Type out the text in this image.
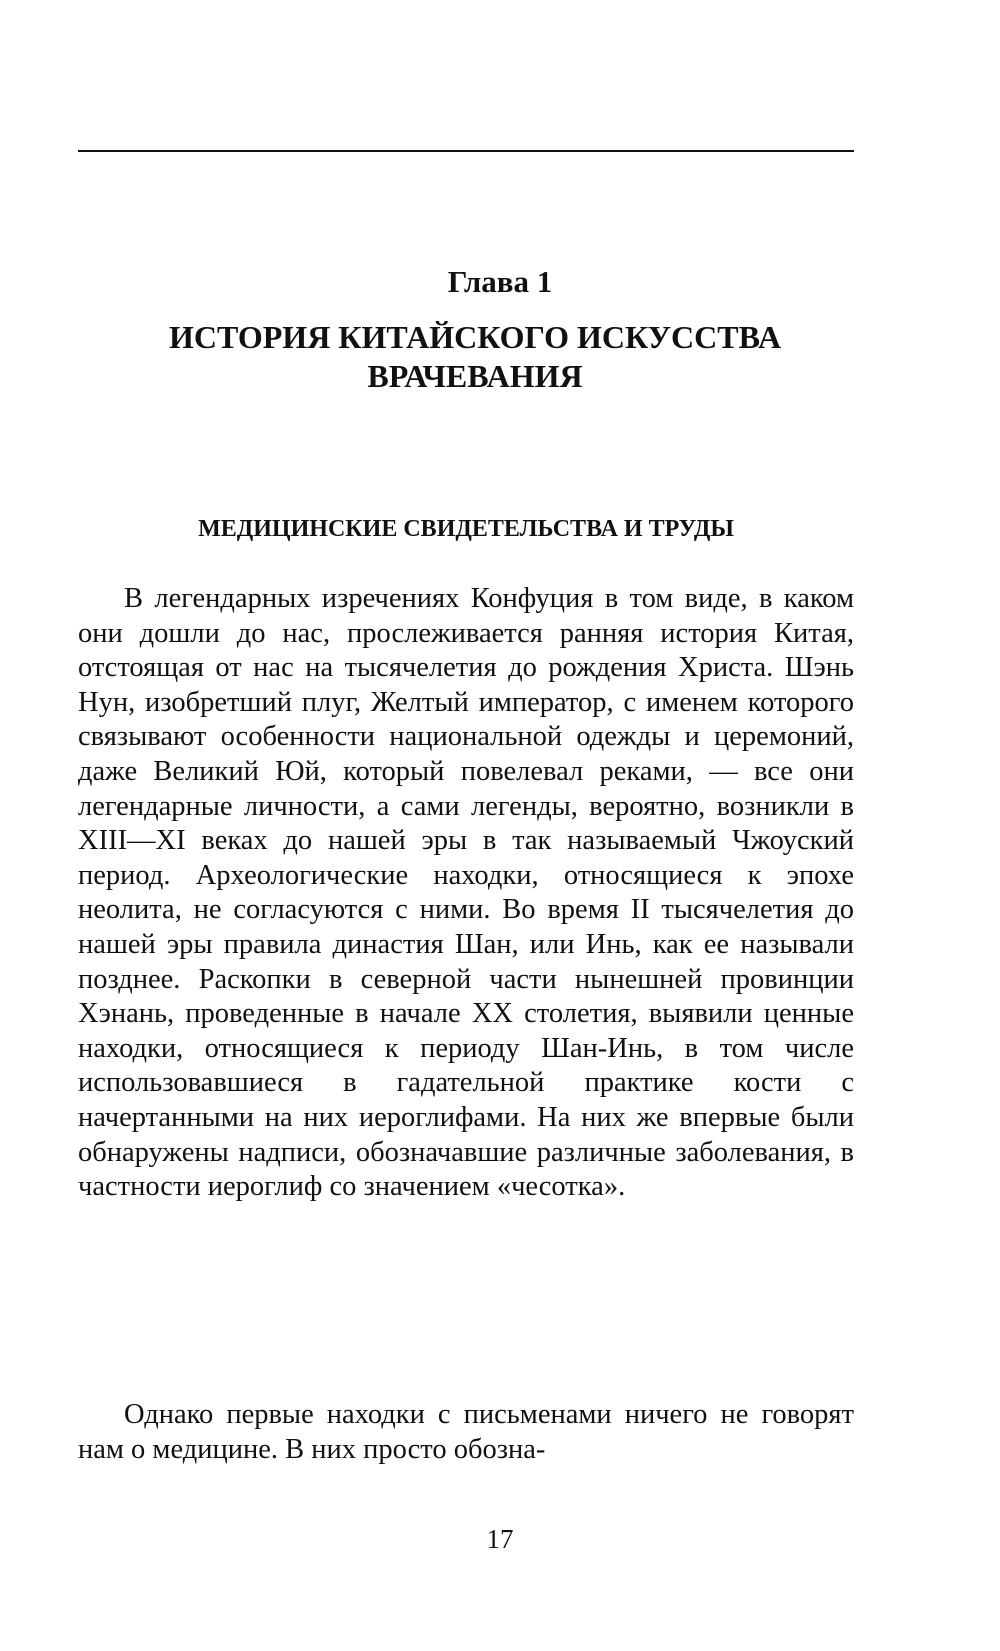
Глава 1
ИСТОРИЯ КИТАЙСКОГО ИСКУССТВА ВРАЧЕВАНИЯ
МЕДИЦИНСКИЕ СВИДЕТЕЛЬСТВА И ТРУДЫ

В легендарных изречениях Конфуция в том виде, в каком они дошли до нас, прослеживается ранняя история Китая, отстоящая от нас на тысячелетия до рождения Христа. Шэнь Нун, изобретший плуг, Желтый император, с именем которого связывают особенности национальной одежды и церемоний, даже Великий Юй, который повелевал реками, — все они легендарные личности, а сами легенды, вероятно, возникли в XIII—XI веках до нашей эры в так называемый Чжоуский период. Археологические находки, относящиеся к эпохе неолита, не согласуются с ними. Во время II тысячелетия до нашей эры правила династия Шан, или Инь, как ее называли позднее. Раскопки в северной части нынешней провинции Хэнань, проведенные в начале XX столетия, выявили ценные находки, относящиеся к периоду Шан-Инь, в том числе использовавшиеся в гадательной практике кости с начертанными на них иероглифами. На них же впервые были обнаружены надписи, обозначавшие различные заболевания, в частности иероглиф со значением «чесотка».

Однако первые находки с письменами ничего не говорят нам о медицине. В них просто обозна-

17
